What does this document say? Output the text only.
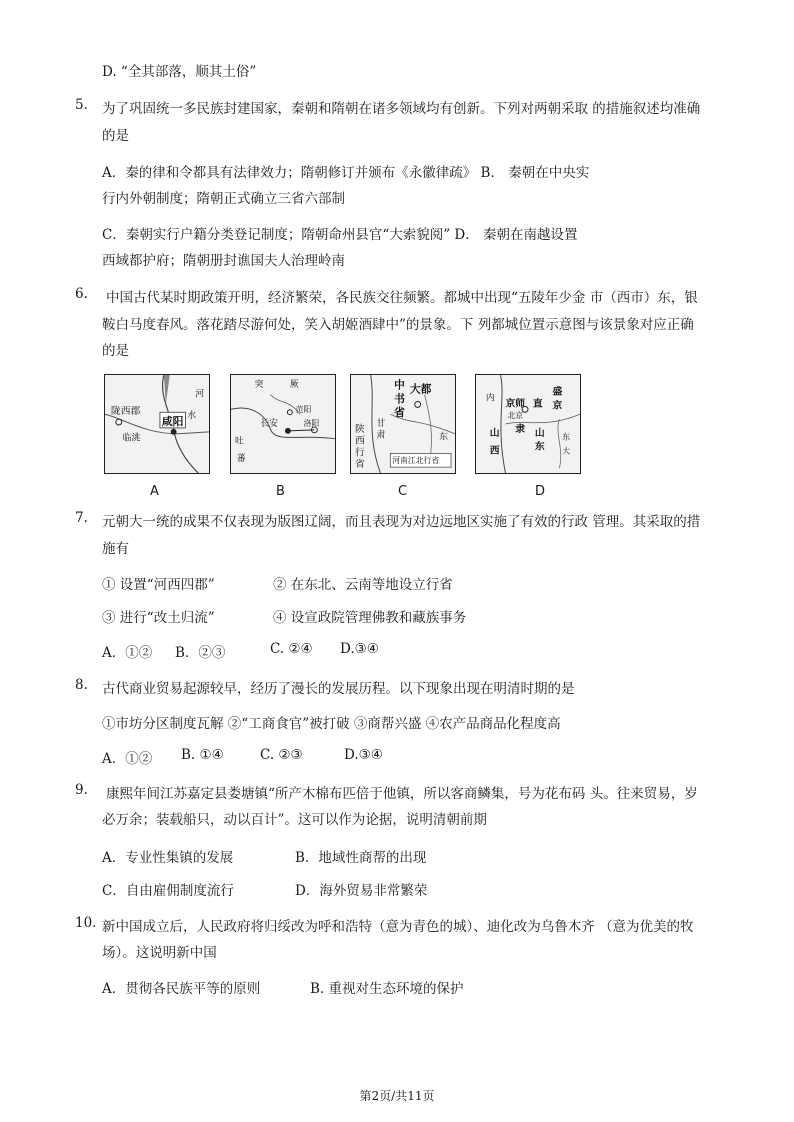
D. “全其部落，顺其土俗”
5. 为了巩固统一多民族封建国家，秦朝和隋朝在诸多领域均有创新。下列对两朝采取 的措施叙述均准确
的是
A．秦的律和令都具有法律效力；隋朝修订并颁布《永徽律疏》 B． 秦朝在中央实
行内外朝制度；隋朝正式确立三省六部制
C．秦朝实行户籍分类登记制度；隋朝命州县官“大索貌阅” D． 秦朝在南越设置
西域都护府；隋朝册封谯国夫人治理岭南
6. 中国古代某时期政策开明，经济繁荣，各民族交往频繁。都城中出现“五陵年少金 市（西市）东，银
鞍白马度春风。落花踏尽游何处，笑入胡姬酒肆中”的景象。下 列都城位置示意图与该景象对应正确
的是
陇西郡
咸阳
临洮
河
水
A
突	厥
范阳
长安	洛阳
吐
蕃
B
中
书
省
大都
陕
西
行
省
甘
肃
河南江北行省
东
C
内 京师 直
北京
盛
京
山 隶 山
东
西
东
大
D
7. 元朝大一统的成果不仅表现为版图辽阔，而且表现为对边远地区实施了有效的行政 管理。其采取的措
施有
① 设置“河西四郡”	② 在东北、云南等地设立行省
③ 进行“改土归流”	④ 设宣政院管理佛教和藏族事务
A．①② B．②③	C. ②④ D.③④
8. 古代商业贸易起源较早，经历了漫长的发展历程。以下现象出现在明清时期的是
①市坊分区制度瓦解 ②“工商食官”被打破 ③商帮兴盛 ④农产品商品化程度高
A．①② B. ①④	C. ②③	D.③④
9. 康熙年间江苏嘉定县娄塘镇“所产木棉布匹倍于他镇，所以客商鳞集，号为花布码 头。往来贸易，岁
必万余；装载船只，动以百计”。这可以作为论据，说明清朝前期
A．专业性集镇的发展	B．地域性商帮的出现
C．自由雇佣制度流行	D．海外贸易非常繁荣
10. 新中国成立后，人民政府将归绥改为呼和浩特（意为青色的城）、迪化改为乌鲁木齐 （意为优美的牧
场）。这说明新中国
A．贯彻各民族平等的原则	B. 重视对生态环境的保护
第2页/共11页
